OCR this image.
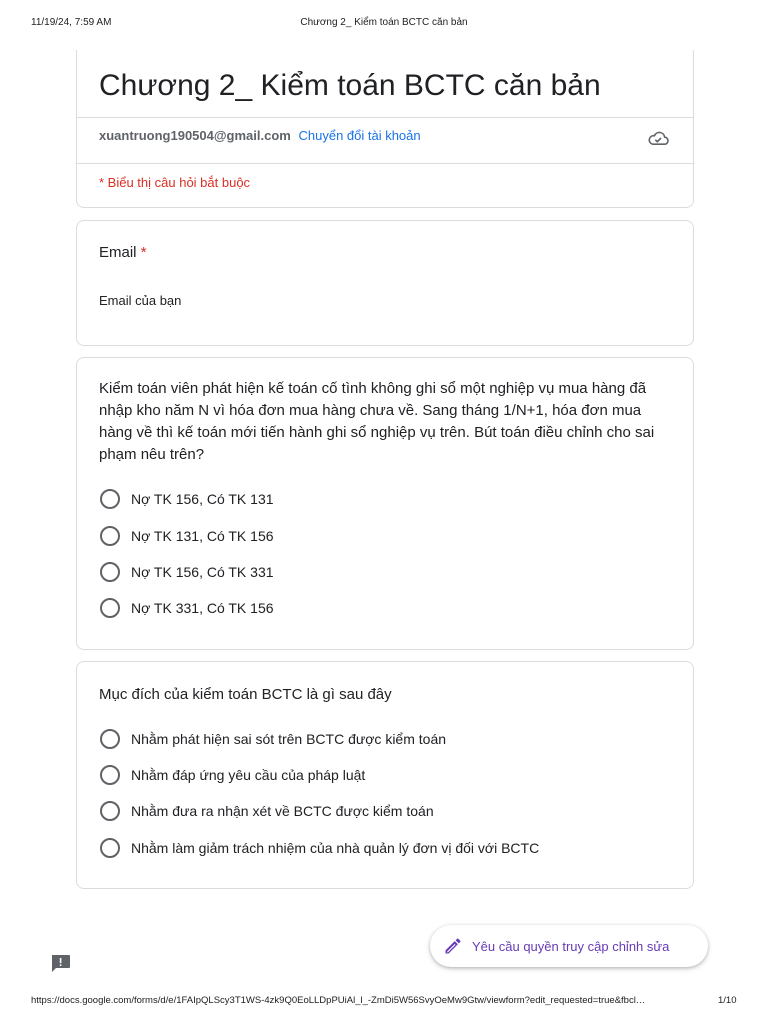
11/19/24, 7:59 AM	Chương 2_ Kiểm toán BCTC căn bản
Chương 2_ Kiểm toán BCTC căn bản
xuantruong190504@gmail.com Chuyển đổi tài khoản
* Biểu thị câu hỏi bắt buộc
Email *
Email của bạn
Kiểm toán viên phát hiện kế toán cố tình không ghi sổ một nghiệp vụ mua hàng đã nhập kho năm N vì hóa đơn mua hàng chưa về. Sang tháng 1/N+1, hóa đơn mua hàng về thì kế toán mới tiến hành ghi sổ nghiệp vụ trên. Bút toán điều chỉnh cho sai phạm nêu trên?
Nợ TK 156, Có TK 131
Nợ TK 131, Có TK 156
Nợ TK 156, Có TK 331
Nợ TK 331, Có TK 156
Mục đích của kiểm toán BCTC là gì sau đây
Nhằm phát hiện sai sót trên BCTC được kiểm toán
Nhằm đáp ứng yêu cầu của pháp luật
Nhằm đưa ra nhận xét về BCTC được kiểm toán
Nhằm làm giảm trách nhiệm của nhà quản lý đơn vị đối với BCTC
Yêu cầu quyền truy cập chỉnh sửa
https://docs.google.com/forms/d/e/1FAIpQLScy3T1WS-4zk9Q0EoLLDpPUiAl_l_-ZmDi5W56SvyOeMw9Gtw/viewform?edit_requested=true&fbcl…	1/10
